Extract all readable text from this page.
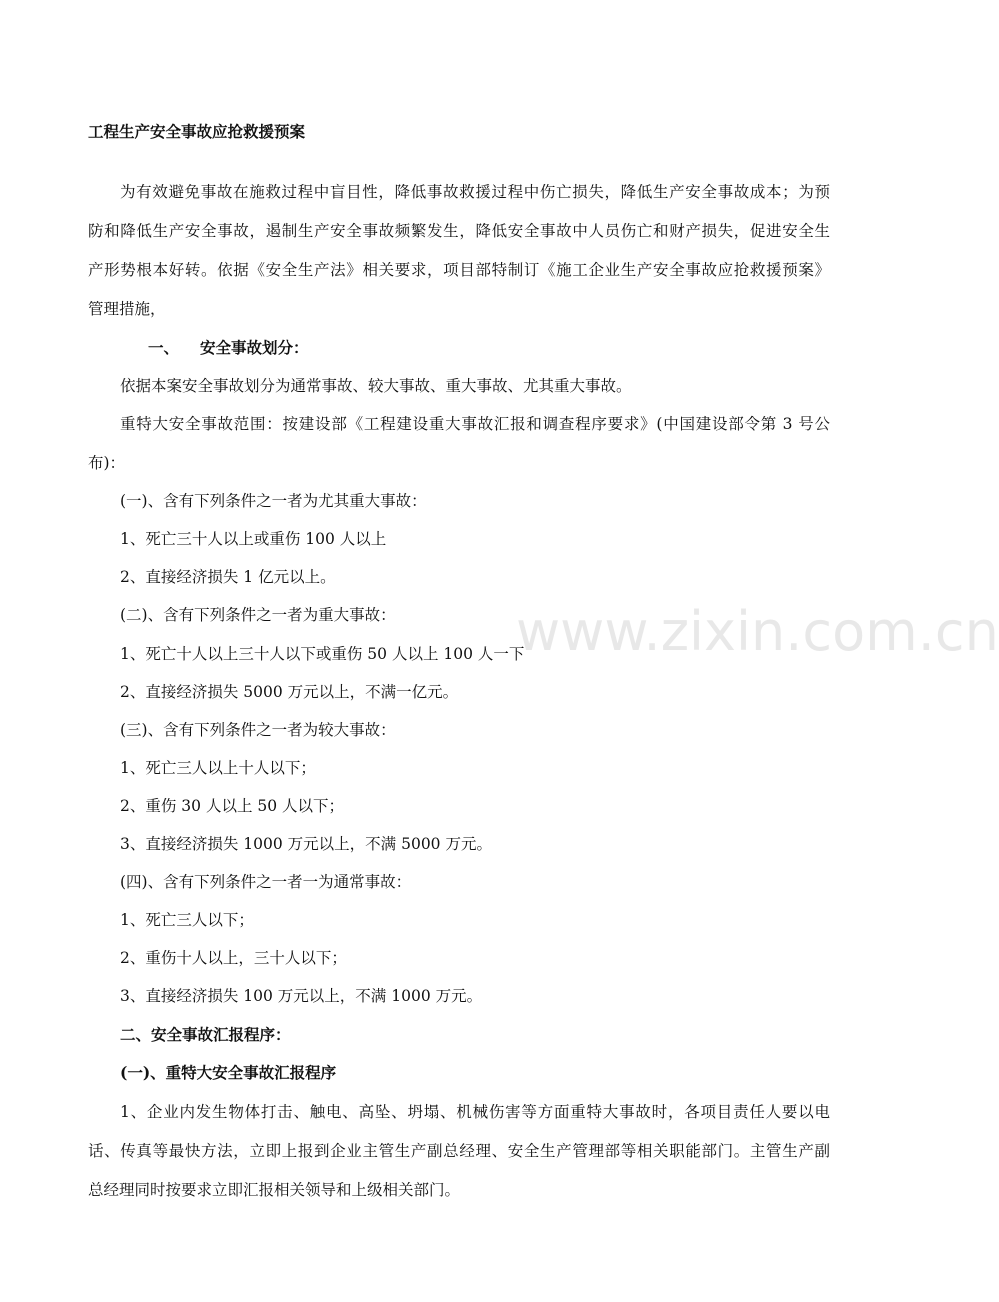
工程生产安全事故应抢救援预案

为有效避免事故在施救过程中盲目性，降低事故救援过程中伤亡损失，降低生产安全事故成本；为预

防和降低生产安全事故，遏制生产安全事故频繁发生，降低安全事故中人员伤亡和财产损失，促进安全生

产形势根本好转。依据《安全生产法》相关要求，项目部特制订《施工企业生产安全事故应抢救援预案》

管理措施，

一、 安全事故划分：

依据本案安全事故划分为通常事故、较大事故、重大事故、尤其重大事故。

重特大安全事故范围：按建设部《工程建设重大事故汇报和调查程序要求》(中国建设部令第 3 号公

布)：

(一)、含有下列条件之一者为尤其重大事故：

1、死亡三十人以上或重伤 100 人以上

2、直接经济损失 1 亿元以上。

(二)、含有下列条件之一者为重大事故：

1、死亡十人以上三十人以下或重伤 50 人以上 100 人一下

2、直接经济损失 5000 万元以上，不满一亿元。

(三)、含有下列条件之一者为较大事故：

1、死亡三人以上十人以下；

2、重伤 30 人以上 50 人以下；

3、直接经济损失 1000 万元以上，不满 5000 万元。

(四)、含有下列条件之一者一为通常事故：

1、死亡三人以下；

2、重伤十人以上，三十人以下；

3、直接经济损失 100 万元以上，不满 1000 万元。

二、安全事故汇报程序：

(一)、重特大安全事故汇报程序

1、企业内发生物体打击、触电、高坠、坍塌、机械伤害等方面重特大事故时，各项目责任人要以电

话、传真等最快方法，立即上报到企业主管生产副总经理、安全生产管理部等相关职能部门。主管生产副

总经理同时按要求立即汇报相关领导和上级相关部门。

www.zixin.com.cn
